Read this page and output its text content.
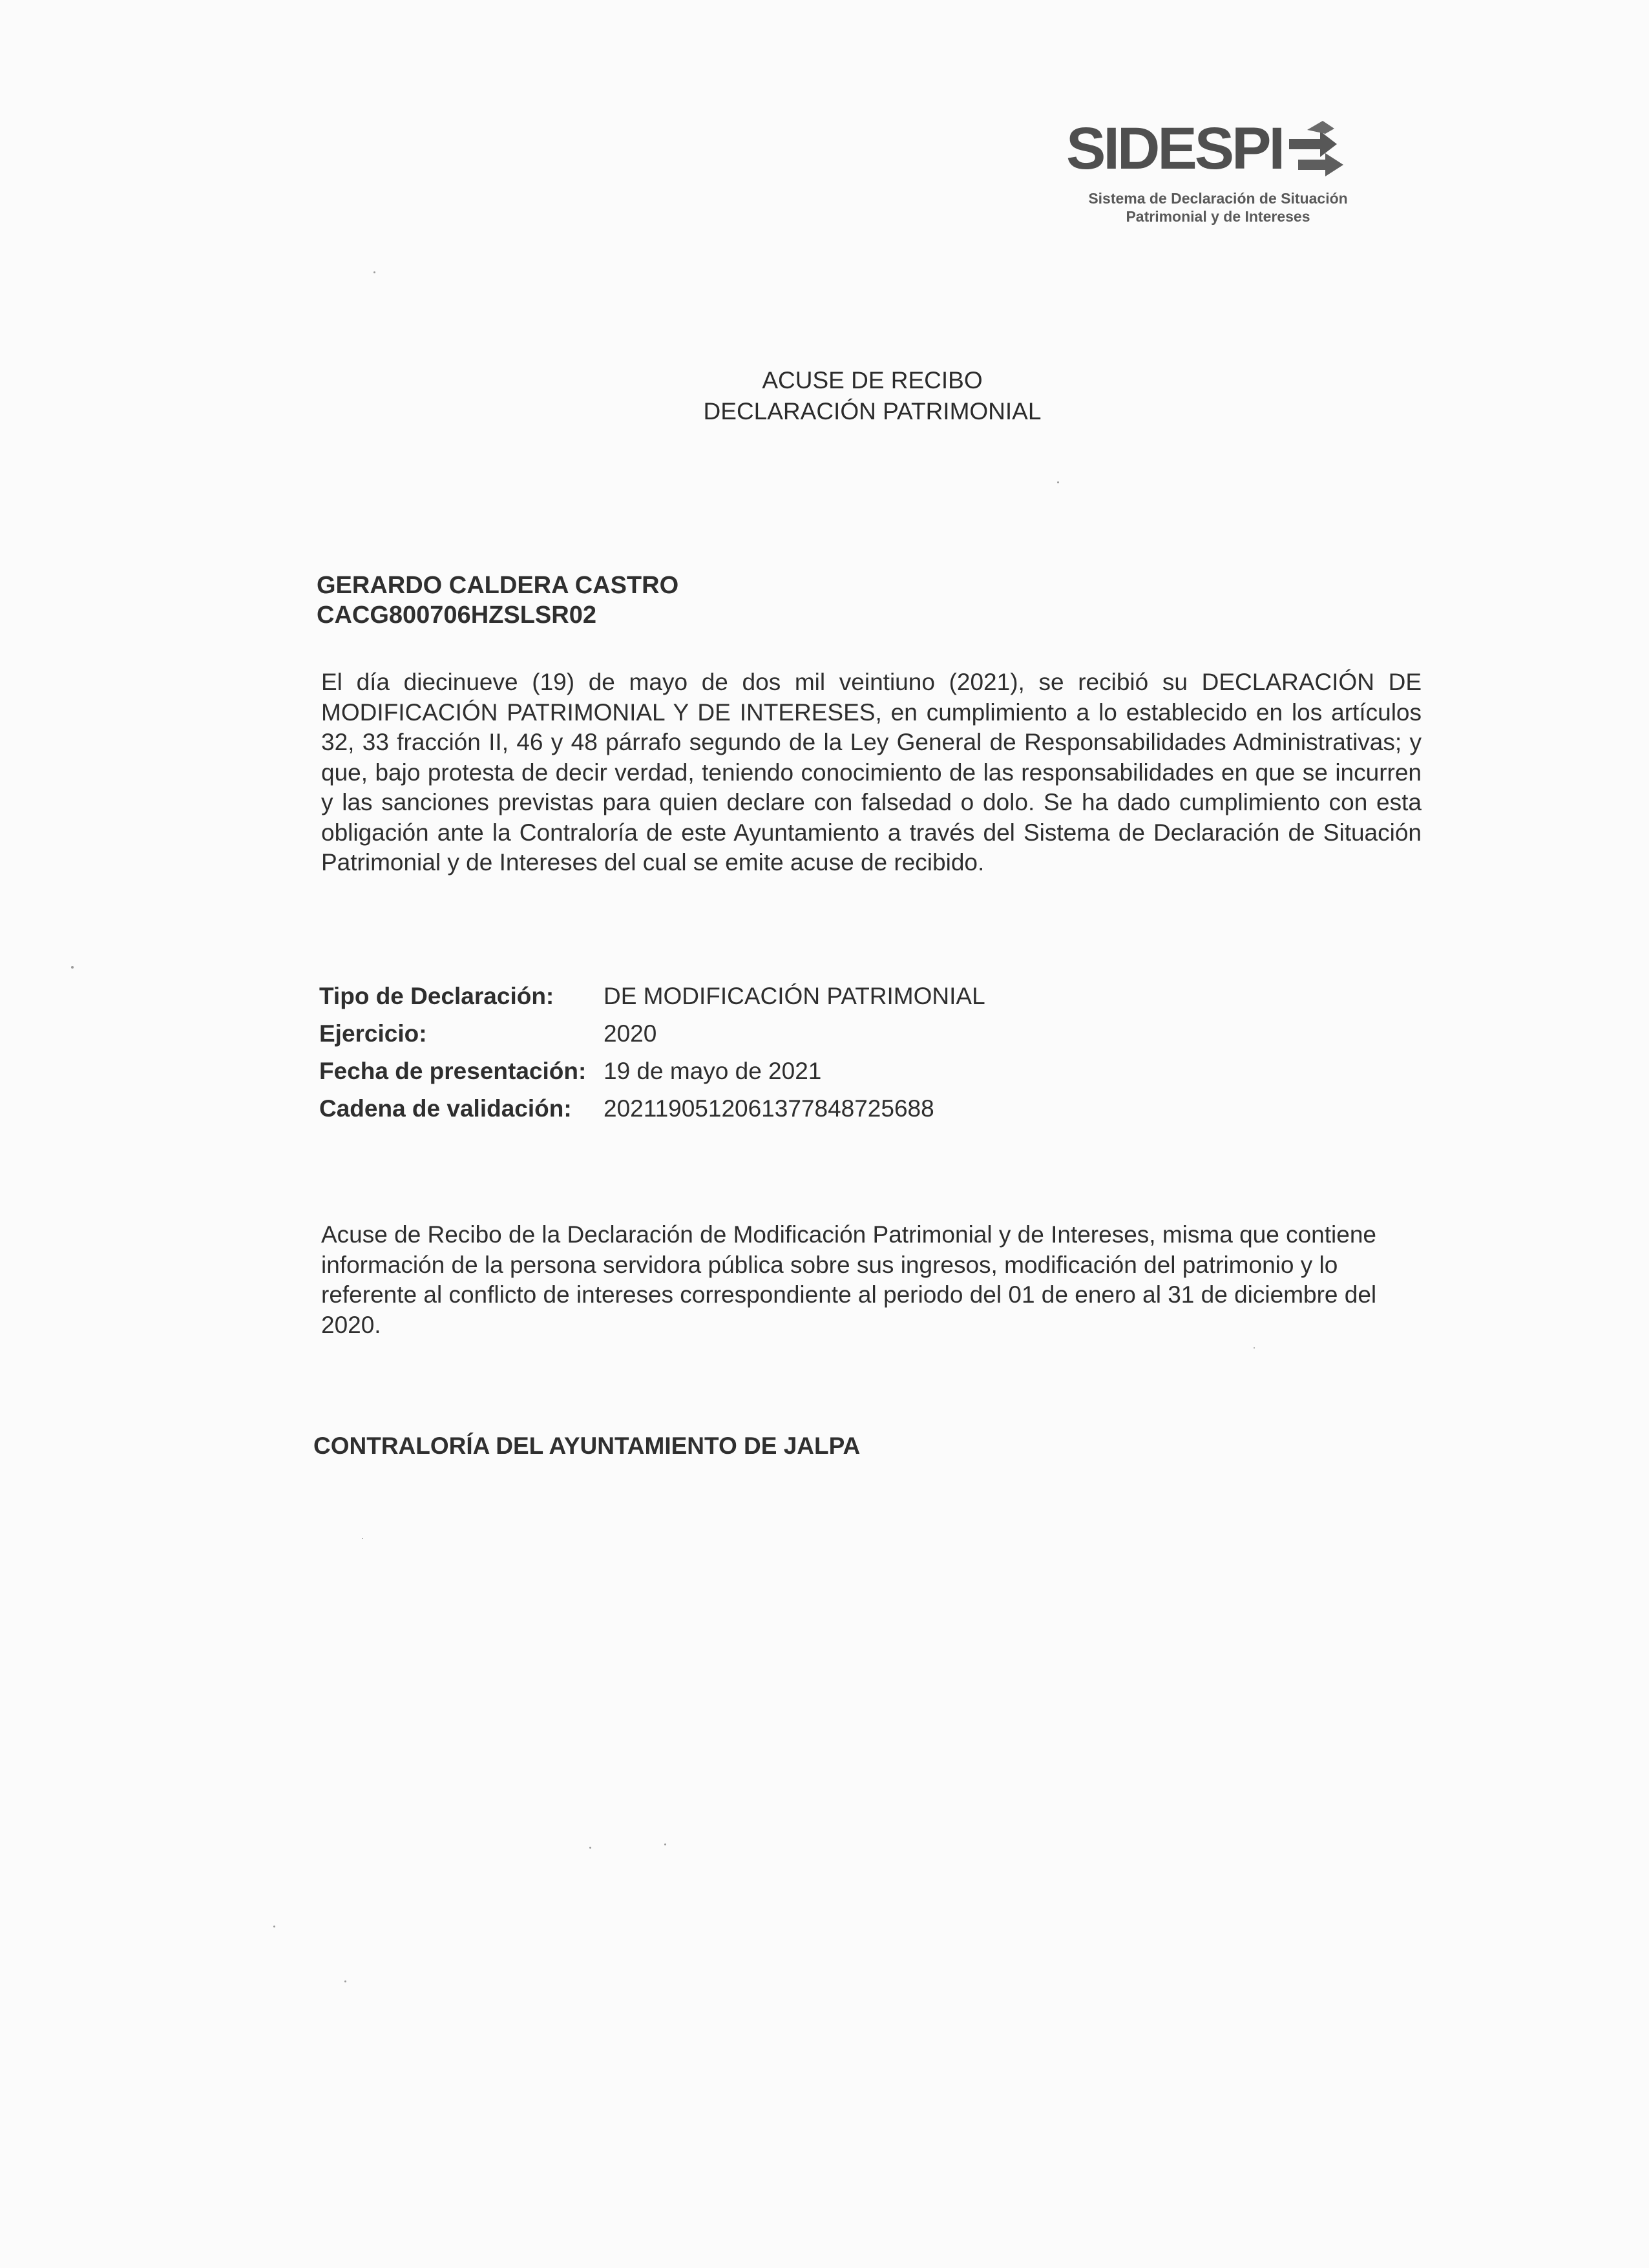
SIDESPI
Sistema de Declaración de Situación
Patrimonial y de Intereses
ACUSE DE RECIBO
DECLARACIÓN PATRIMONIAL
GERARDO CALDERA CASTRO
CACG800706HZSLSR02
El día diecinueve (19) de mayo de dos mil veintiuno (2021), se recibió su DECLARACIÓN DE MODIFICACIÓN PATRIMONIAL Y DE INTERESES, en cumplimiento a lo establecido en los artículos 32, 33 fracción II, 46 y 48 párrafo segundo de la Ley General de Responsabilidades Administrativas; y que, bajo protesta de decir verdad, teniendo conocimiento de las responsabilidades en que se incurren y las sanciones previstas para quien declare con falsedad o dolo. Se ha dado cumplimiento con esta obligación ante la Contraloría de este Ayuntamiento a través del Sistema de Declaración de Situación Patrimonial y de Intereses del cual se emite acuse de recibido.
Tipo de Declaración:	DE MODIFICACIÓN PATRIMONIAL
Ejercicio:	2020
Fecha de presentación: 19 de mayo de 2021
Cadena de validación:	20211905120613778487256​88
Acuse de Recibo de la Declaración de Modificación Patrimonial y de Intereses, misma que contiene información de la persona servidora pública sobre sus ingresos, modificación del patrimonio y lo referente al conflicto de intereses correspondiente al periodo del 01 de enero al 31 de diciembre del 2020.
CONTRALORÍA DEL AYUNTAMIENTO DE JALPA
